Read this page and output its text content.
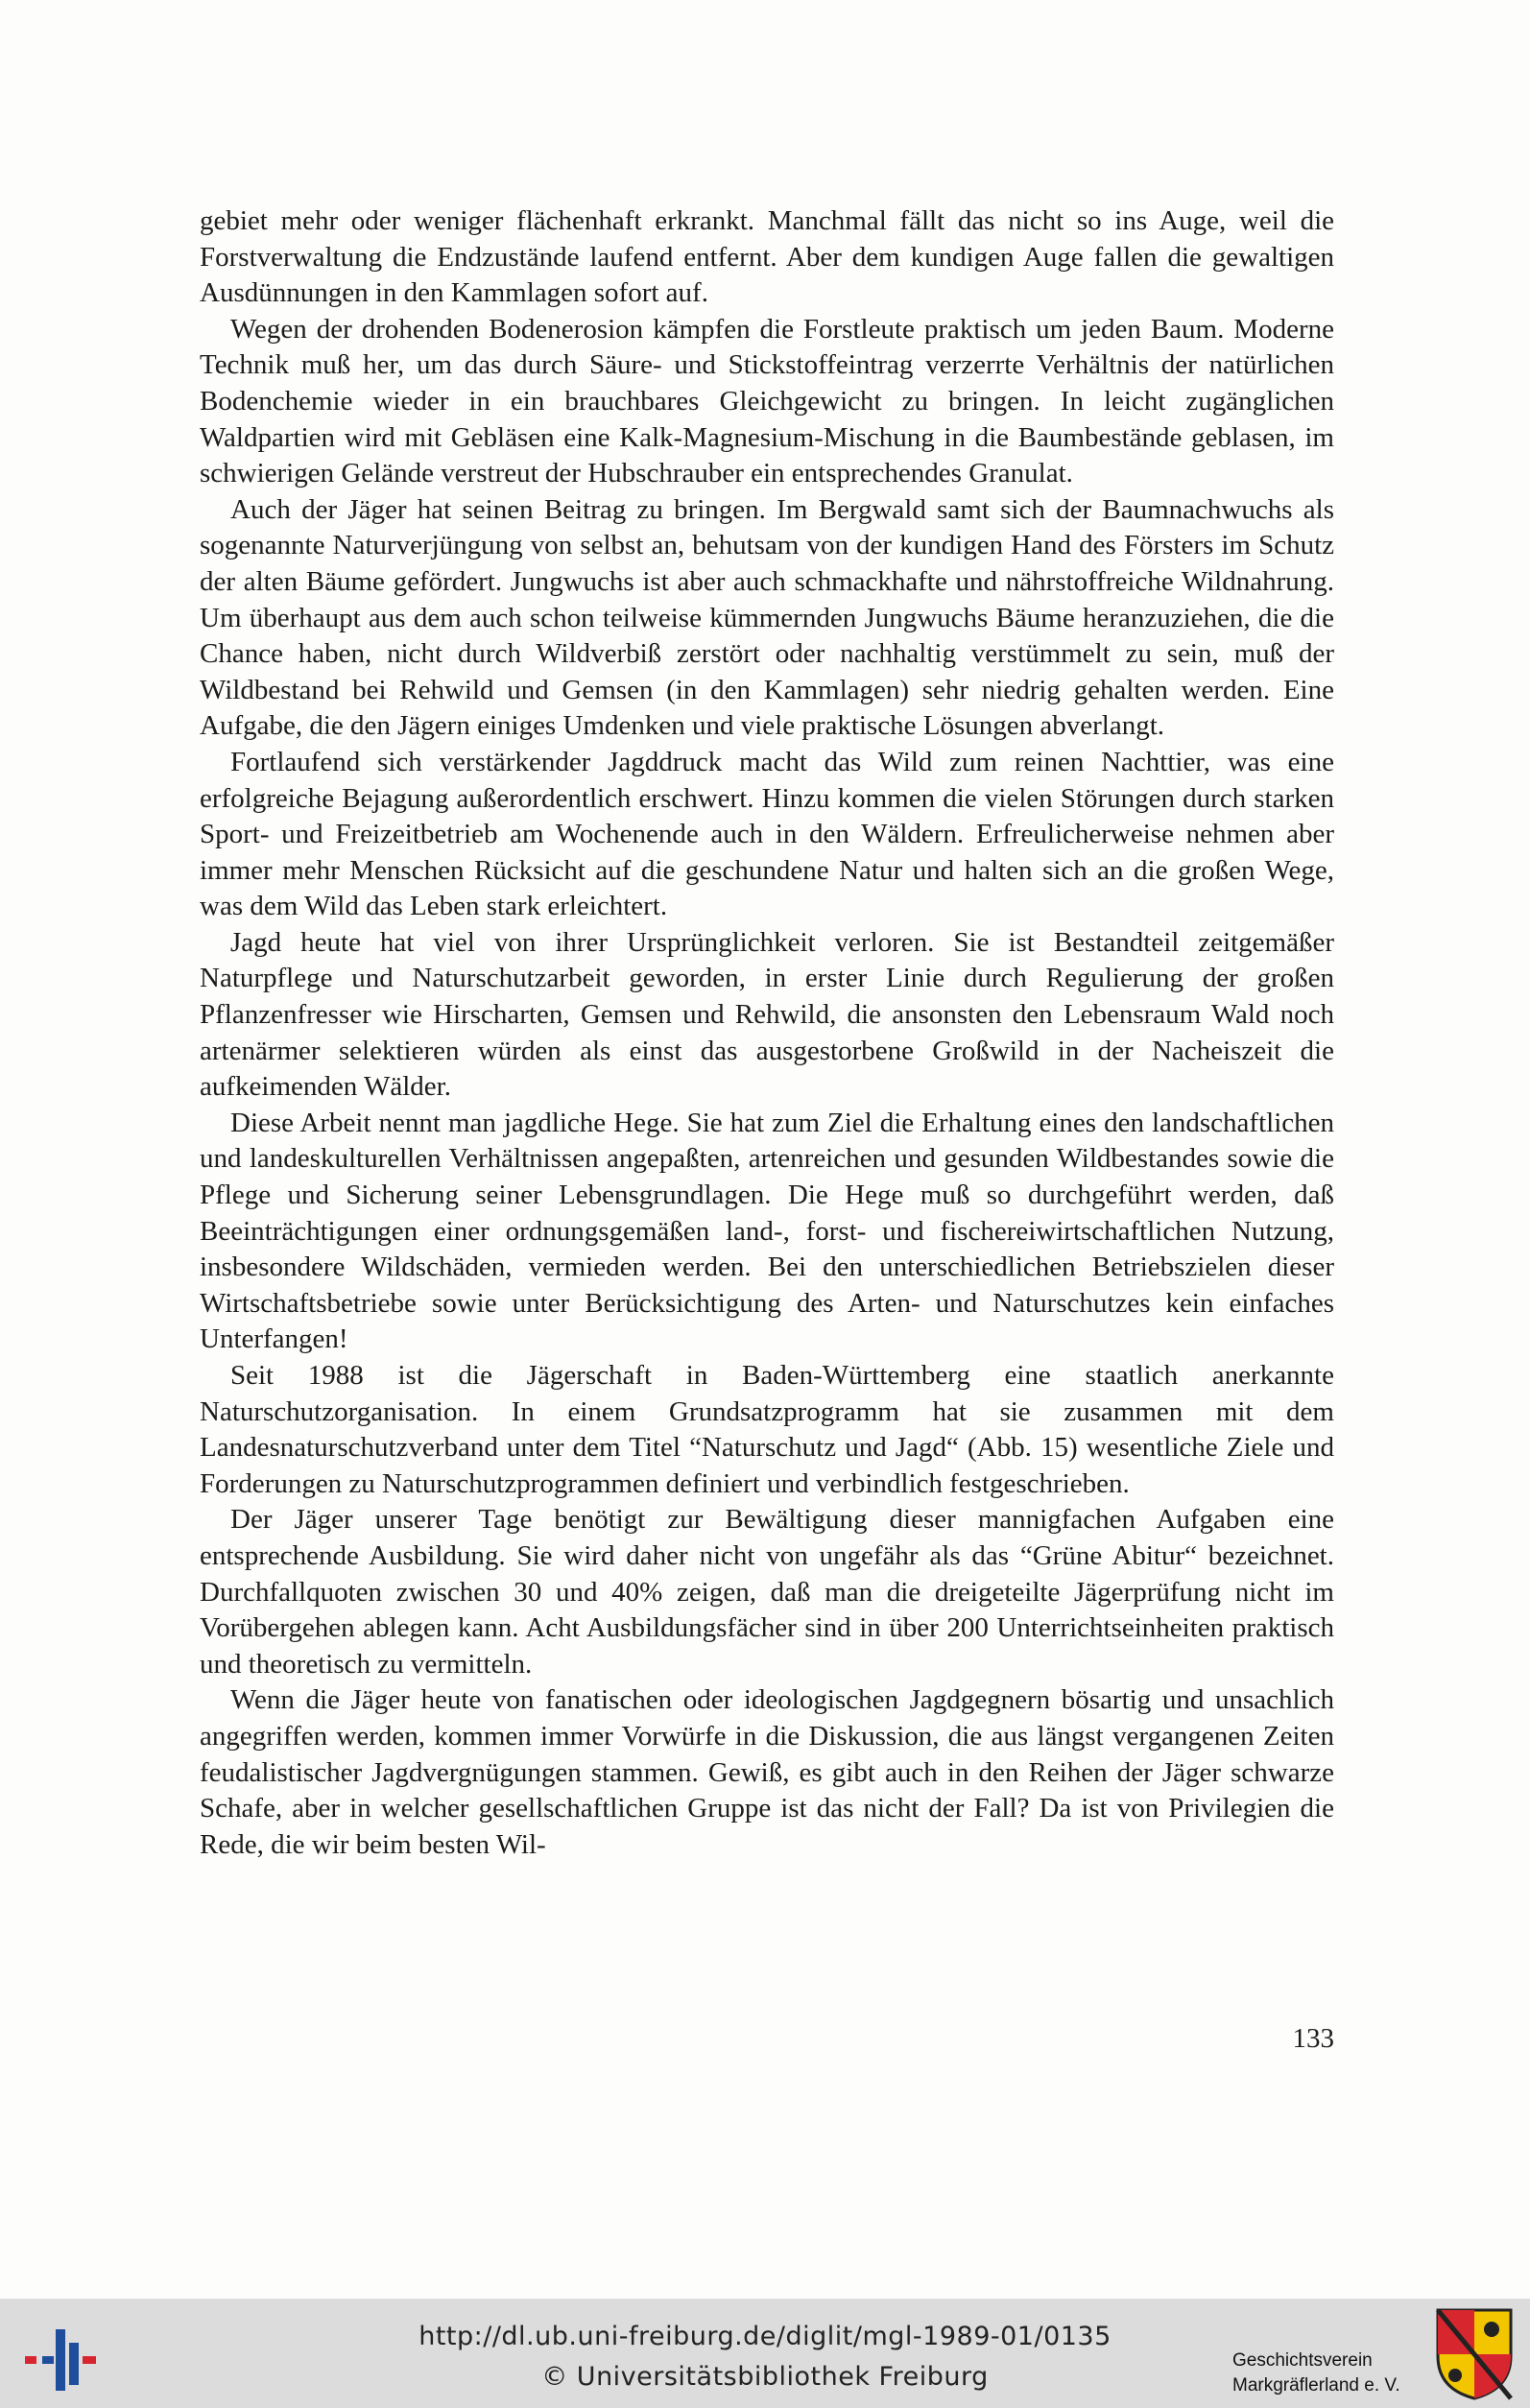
gebiet mehr oder weniger flächenhaft erkrankt. Manchmal fällt das nicht so ins Auge, weil die Forstverwaltung die Endzustände laufend entfernt. Aber dem kundigen Auge fallen die gewaltigen Ausdünnungen in den Kammlagen sofort auf.

Wegen der drohenden Bodenerosion kämpfen die Forstleute praktisch um jeden Baum. Moderne Technik muß her, um das durch Säure- und Stickstoffeintrag verzerrte Verhältnis der natürlichen Bodenchemie wieder in ein brauchbares Gleichgewicht zu bringen. In leicht zugänglichen Waldpartien wird mit Gebläsen eine Kalk-Magnesium-Mischung in die Baumbestände geblasen, im schwierigen Gelände verstreut der Hubschrauber ein entsprechendes Granulat.

Auch der Jäger hat seinen Beitrag zu bringen. Im Bergwald samt sich der Baumnachwuchs als sogenannte Naturverjüngung von selbst an, behutsam von der kundigen Hand des Försters im Schutz der alten Bäume gefördert. Jungwuchs ist aber auch schmackhafte und nährstoffreiche Wildnahrung. Um überhaupt aus dem auch schon teilweise kümmernden Jungwuchs Bäume heranzuziehen, die die Chance haben, nicht durch Wildverbiß zerstört oder nachhaltig verstümmelt zu sein, muß der Wildbestand bei Rehwild und Gemsen (in den Kammlagen) sehr niedrig gehalten werden. Eine Aufgabe, die den Jägern einiges Umdenken und viele praktische Lösungen abverlangt.

Fortlaufend sich verstärkender Jagddruck macht das Wild zum reinen Nachttier, was eine erfolgreiche Bejagung außerordentlich erschwert. Hinzu kommen die vielen Störungen durch starken Sport- und Freizeitbetrieb am Wochenende auch in den Wäldern. Erfreulicherweise nehmen aber immer mehr Menschen Rücksicht auf die geschundene Natur und halten sich an die großen Wege, was dem Wild das Leben stark erleichtert.

Jagd heute hat viel von ihrer Ursprünglichkeit verloren. Sie ist Bestandteil zeitgemäßer Naturpflege und Naturschutzarbeit geworden, in erster Linie durch Regulierung der großen Pflanzenfresser wie Hirscharten, Gemsen und Rehwild, die ansonsten den Lebensraum Wald noch artenärmer selektieren würden als einst das ausgestorbene Großwild in der Nacheiszeit die aufkeimenden Wälder.

Diese Arbeit nennt man jagdliche Hege. Sie hat zum Ziel die Erhaltung eines den landschaftlichen und landeskulturellen Verhältnissen angepaßten, artenreichen und gesunden Wildbestandes sowie die Pflege und Sicherung seiner Lebensgrundlagen. Die Hege muß so durchgeführt werden, daß Beeinträchtigungen einer ordnungsgemäßen land-, forst- und fischereiwirtschaftlichen Nutzung, insbesondere Wildschäden, vermieden werden. Bei den unterschiedlichen Betriebszielen dieser Wirtschaftsbetriebe sowie unter Berücksichtigung des Arten- und Naturschutzes kein einfaches Unterfangen!

Seit 1988 ist die Jägerschaft in Baden-Württemberg eine staatlich anerkannte Naturschutzorganisation. In einem Grundsatzprogramm hat sie zusammen mit dem Landesnaturschutzverband unter dem Titel “Naturschutz und Jagd“ (Abb. 15) wesentliche Ziele und Forderungen zu Naturschutzprogrammen definiert und verbindlich festgeschrieben.

Der Jäger unserer Tage benötigt zur Bewältigung dieser mannigfachen Aufgaben eine entsprechende Ausbildung. Sie wird daher nicht von ungefähr als das “Grüne Abitur“ bezeichnet. Durchfallquoten zwischen 30 und 40% zeigen, daß man die dreigeteilte Jägerprüfung nicht im Vorübergehen ablegen kann. Acht Ausbildungsfächer sind in über 200 Unterrichtseinheiten praktisch und theoretisch zu vermitteln.

Wenn die Jäger heute von fanatischen oder ideologischen Jagdgegnern bösartig und unsachlich angegriffen werden, kommen immer Vorwürfe in die Diskussion, die aus längst vergangenen Zeiten feudalistischer Jagdvergnügungen stammen. Gewiß, es gibt auch in den Reihen der Jäger schwarze Schafe, aber in welcher gesellschaftlichen Gruppe ist das nicht der Fall? Da ist von Privilegien die Rede, die wir beim besten Wil-

133
http://dl.ub.uni-freiburg.de/diglit/mgl-1989-01/0135
© Universitätsbibliothek Freiburg
Geschichtsverein
Markgräflerland e. V.
